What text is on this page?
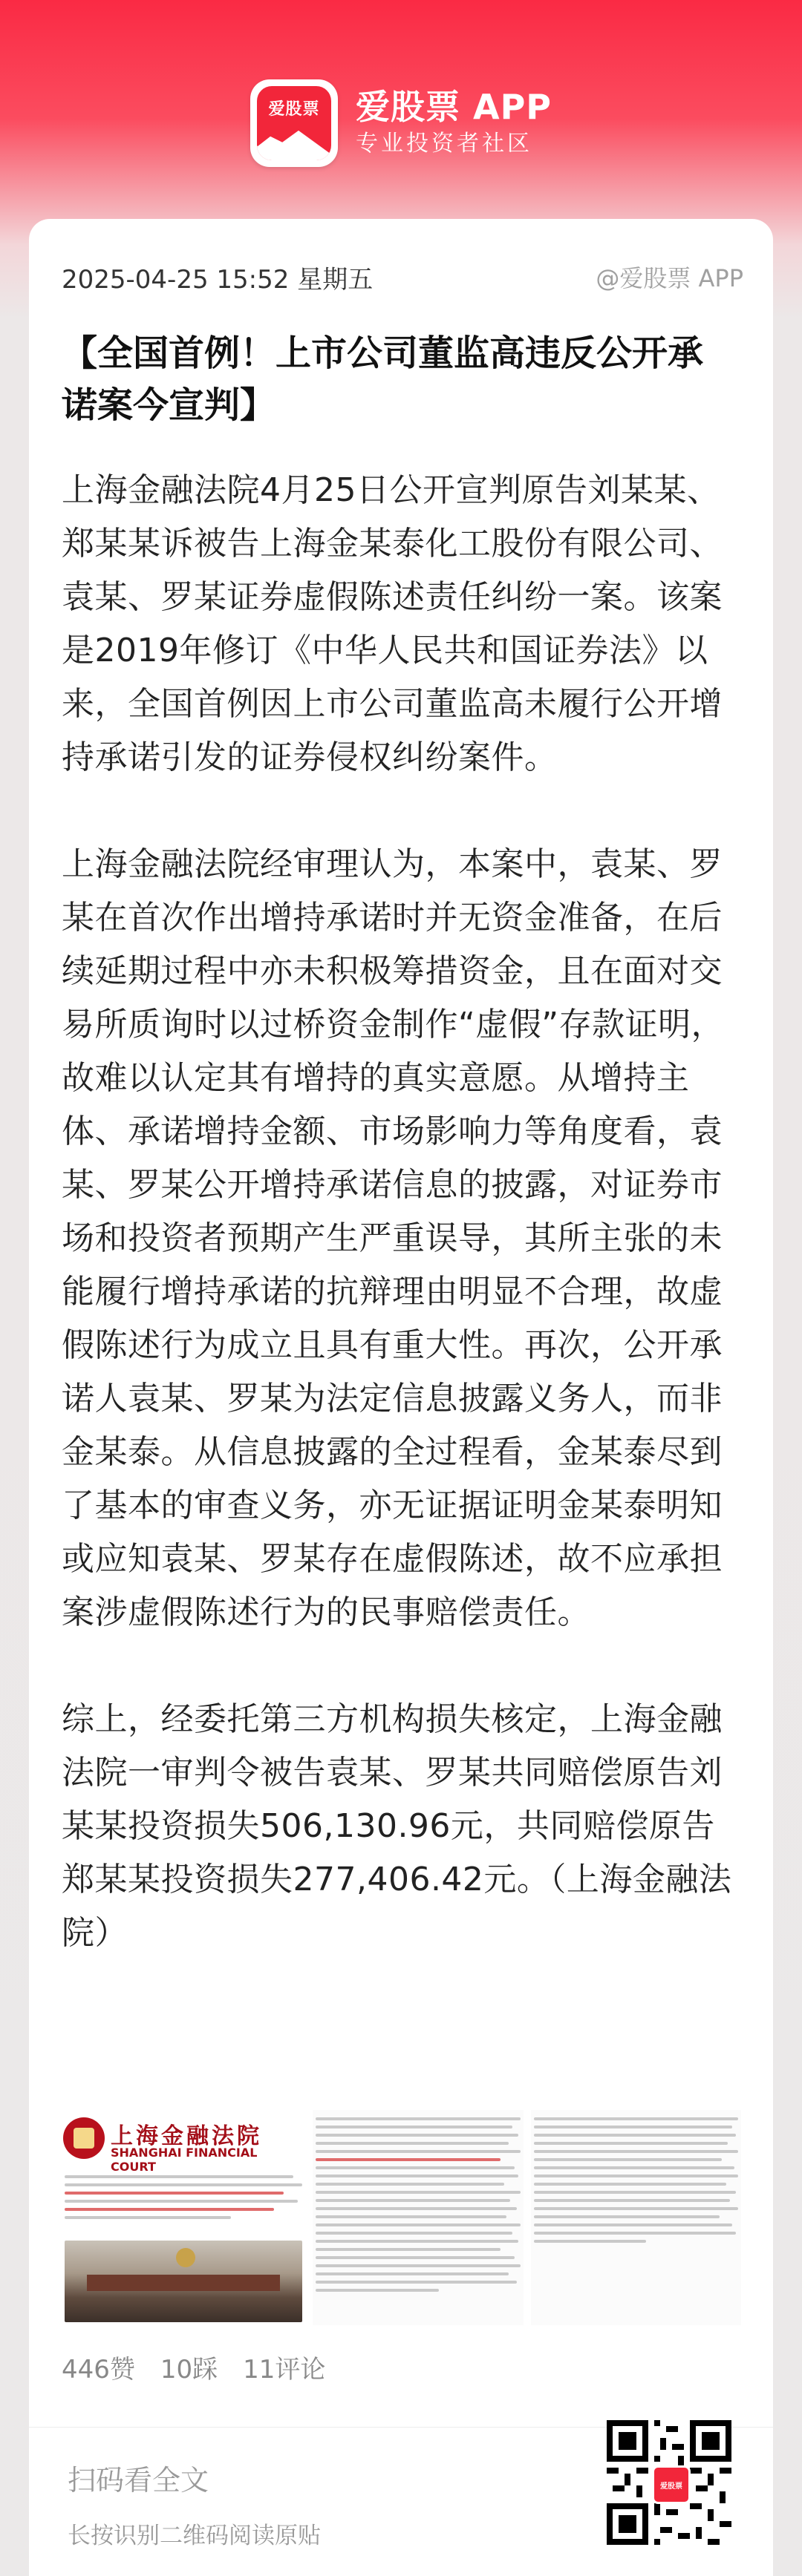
爱股票	爱股票 APP
专业投资者社区
2025-04-25 15:52 星期五	@爱股票 APP
【全国首例！上市公司董监高违反公开承诺案今宣判】

上海金融法院4月25日公开宣判原告刘某某、郑某某诉被告上海金某泰化工股份有限公司、袁某、罗某证券虚假陈述责任纠纷一案。该案是2019年修订《中华人民共和国证券法》以来，全国首例因上市公司董监高未履行公开增持承诺引发的证券侵权纠纷案件。

上海金融法院经审理认为，本案中，袁某、罗某在首次作出增持承诺时并无资金准备，在后续延期过程中亦未积极筹措资金，且在面对交易所质询时以过桥资金制作“虚假”存款证明，故难以认定其有增持的真实意愿。从增持主体、承诺增持金额、市场影响力等角度看，袁某、罗某公开增持承诺信息的披露，对证券市场和投资者预期产生严重误导，其所主张的未能履行增持承诺的抗辩理由明显不合理，故虚假陈述行为成立且具有重大性。再次，公开承诺人袁某、罗某为法定信息披露义务人，而非金某泰。从信息披露的全过程看，金某泰尽到了基本的审查义务，亦无证据证明金某泰明知或应知袁某、罗某存在虚假陈述，故不应承担案涉虚假陈述行为的民事赔偿责任。

综上，经委托第三方机构损失核定，上海金融法院一审判令被告袁某、罗某共同赔偿原告刘某某投资损失506,130.96元，共同赔偿原告郑某某投资损失277,406.42元。（上海金融法院）

上海金融法院
SHANGHAI FINANCIAL COURT
446赞 10踩 11评论
扫码看全文
长按识别二维码阅读原贴
爱股票
